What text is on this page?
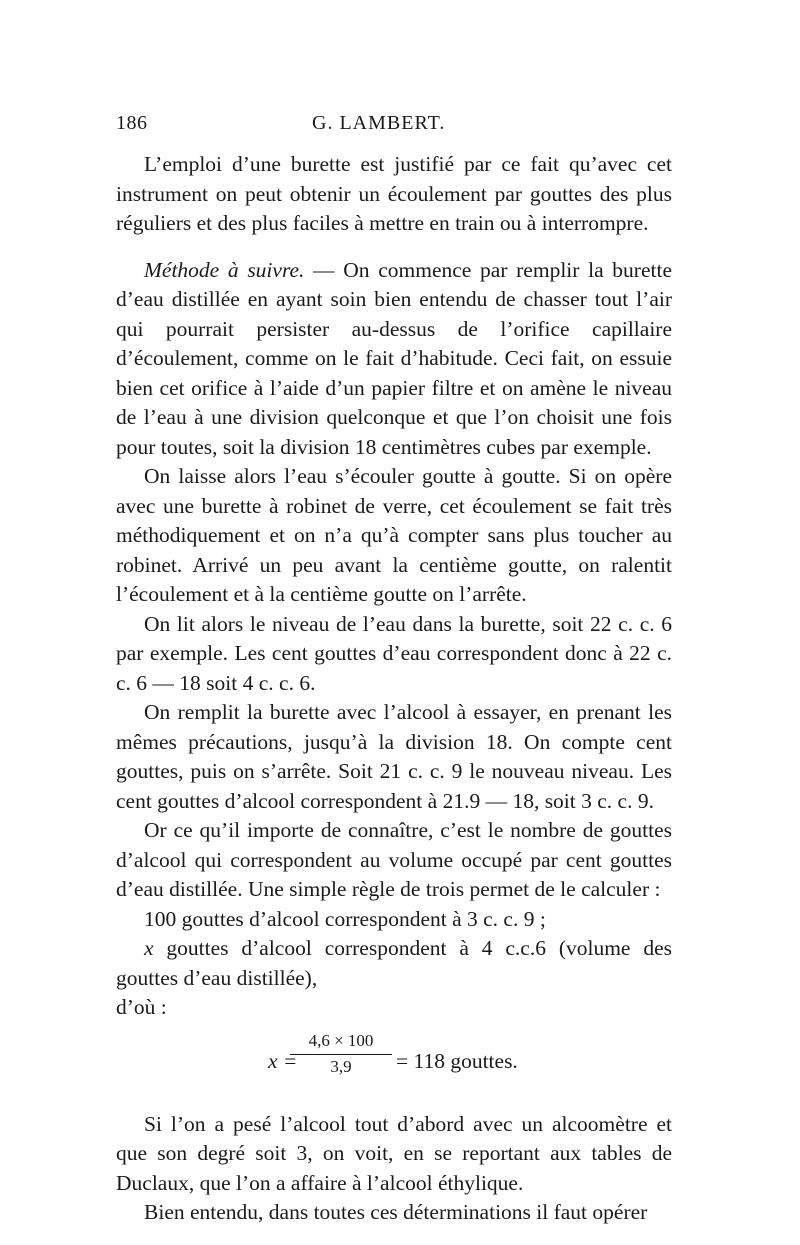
186	G. LAMBERT.

L’emploi d’une burette est justifié par ce fait qu’avec cet instrument on peut obtenir un écoulement par gouttes des plus réguliers et des plus faciles à mettre en train ou à interrompre.

Méthode à suivre. — On commence par remplir la burette d’eau distillée en ayant soin bien entendu de chasser tout l’air qui pourrait persister au-dessus de l’orifice capillaire d’écoulement, comme on le fait d’habitude. Ceci fait, on essuie bien cet orifice à l’aide d’un papier filtre et on amène le niveau de l’eau à une division quelconque et que l’on choisit une fois pour toutes, soit la division 18 centimètres cubes par exemple.

On laisse alors l’eau s’écouler goutte à goutte. Si on opère avec une burette à robinet de verre, cet écoulement se fait très méthodiquement et on n’a qu’à compter sans plus toucher au robinet. Arrivé un peu avant la centième goutte, on ralentit l’écoulement et à la centième goutte on l’arrête.

On lit alors le niveau de l’eau dans la burette, soit 22 c. c. 6 par exemple. Les cent gouttes d’eau correspondent donc à 22 c. c. 6 — 18 soit 4 c. c. 6.

On remplit la burette avec l’alcool à essayer, en prenant les mêmes précautions, jusqu’à la division 18. On compte cent gouttes, puis on s’arrête. Soit 21 c. c. 9 le nouveau niveau. Les cent gouttes d’alcool correspondent à 21.9 — 18, soit 3 c. c. 9.

Or ce qu’il importe de connaître, c’est le nombre de gouttes d’alcool qui correspondent au volume occupé par cent gouttes d’eau distillée. Une simple règle de trois permet de le calculer :

100 gouttes d’alcool correspondent à 3 c. c. 9 ;

x gouttes d’alcool correspondent à 4 c.c.6 (volume des gouttes d’eau distillée),

d’où :

x =
$\frac{4,6 \times 100}{3,9} = 118$ gouttes.

Si l’on a pesé l’alcool tout d’abord avec un alcoomètre et que son degré soit 3, on voit, en se reportant aux tables de Duclaux, que l’on a affaire à l’alcool éthylique.

Bien entendu, dans toutes ces déterminations il faut opérer
